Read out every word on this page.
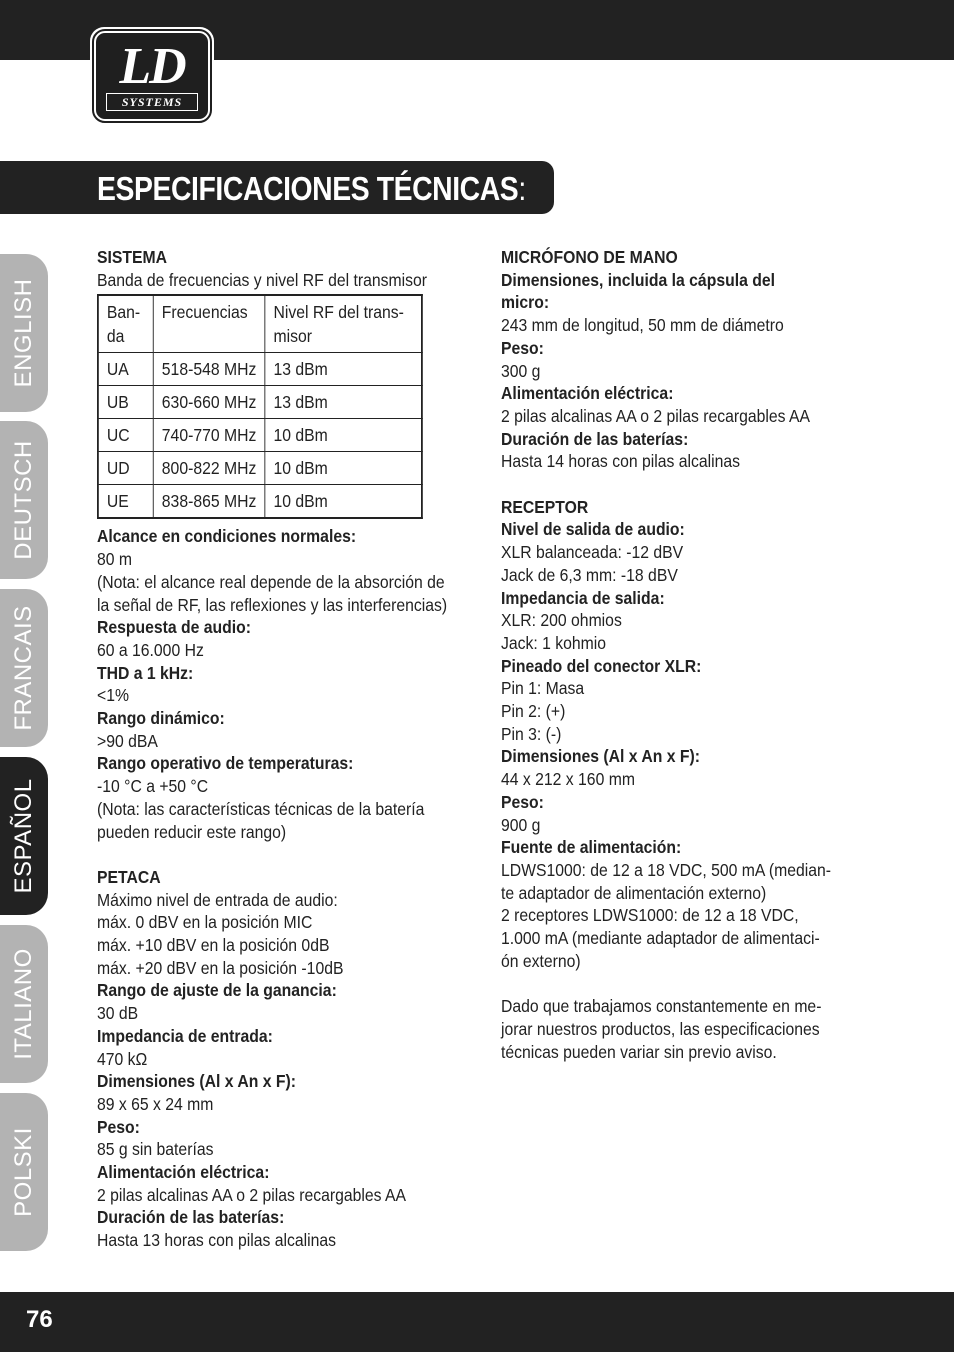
LD
SYSTEMS
ESPECIFICACIONES TÉCNICAS:
ENGLISH
DEUTSCH
FRANCAIS
ESPAÑOL
ITALIANO
POLSKI

SISTEMA

Banda de frecuencias y nivel RF del transmisor

Ban-
da	Frecuencias	Nivel RF del trans-
misor
UA	518-548 MHz	13 dBm
UB	630-660 MHz	13 dBm
UC	740-770 MHz	10 dBm
UD	800-822 MHz	10 dBm
UE	838-865 MHz	10 dBm

Alcance en condiciones normales:

80 m

(Nota: el alcance real depende de la absorción de

la señal de RF, las reflexiones y las interferencias)

Respuesta de audio:

60 a 16.000 Hz

THD a 1 kHz:

<1%

Rango dinámico:

>90 dBA

Rango operativo de temperaturas:

-10 °C a +50 °C

(Nota: las características técnicas de la batería

pueden reducir este rango)

PETACA

Máximo nivel de entrada de audio:

máx. 0 dBV en la posición MIC

máx. +10 dBV en la posición 0dB

máx. +20 dBV en la posición -10dB

Rango de ajuste de la ganancia:

30 dB

Impedancia de entrada:

470 kΩ

Dimensiones (Al x An x F):

89 x 65 x 24 mm

Peso:

85 g sin baterías

Alimentación eléctrica:

2 pilas alcalinas AA o 2 pilas recargables AA

Duración de las baterías:

Hasta 13 horas con pilas alcalinas

MICRÓFONO DE MANO

Dimensiones, incluida la cápsula del

micro:

243 mm de longitud, 50 mm de diámetro

Peso:

300 g

Alimentación eléctrica:

2 pilas alcalinas AA o 2 pilas recargables AA

Duración de las baterías:

Hasta 14 horas con pilas alcalinas

RECEPTOR

Nivel de salida de audio:

XLR balanceada: -12 dBV

Jack de 6,3 mm: -18 dBV

Impedancia de salida:

XLR: 200 ohmios

Jack: 1 kohmio

Pineado del conector XLR:

Pin 1: Masa

Pin 2: (+)

Pin 3: (-)

Dimensiones (Al x An x F):

44 x 212 x 160 mm

Peso:

900 g

Fuente de alimentación:

LDWS1000: de 12 a 18 VDC, 500 mA (median-

te adaptador de alimentación externo)

2 receptores LDWS1000: de 12 a 18 VDC,

1.000 mA (mediante adaptador de alimentaci-

ón externo)

Dado que trabajamos constantemente en me-

jorar nuestros productos, las especificaciones

técnicas pueden variar sin previo aviso.

76
